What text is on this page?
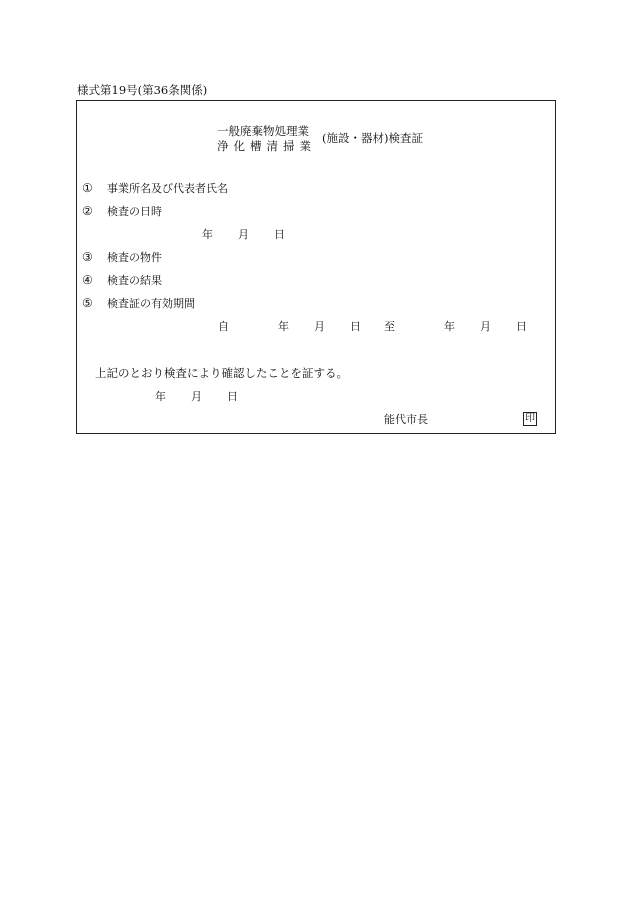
様式第19号(第36条関係)
一般廃棄物処理業
浄化槽清掃業
(施設・器材)検査証
① 事業所名及び代表者氏名
② 検査の日時
年 月 日
③ 検査の物件
④ 検査の結果
⑤ 検査証の有効期間
自	年 月 日 至	年 月 日
上記のとおり検査により確認したことを証する。
年 月 日
能代市長	印
